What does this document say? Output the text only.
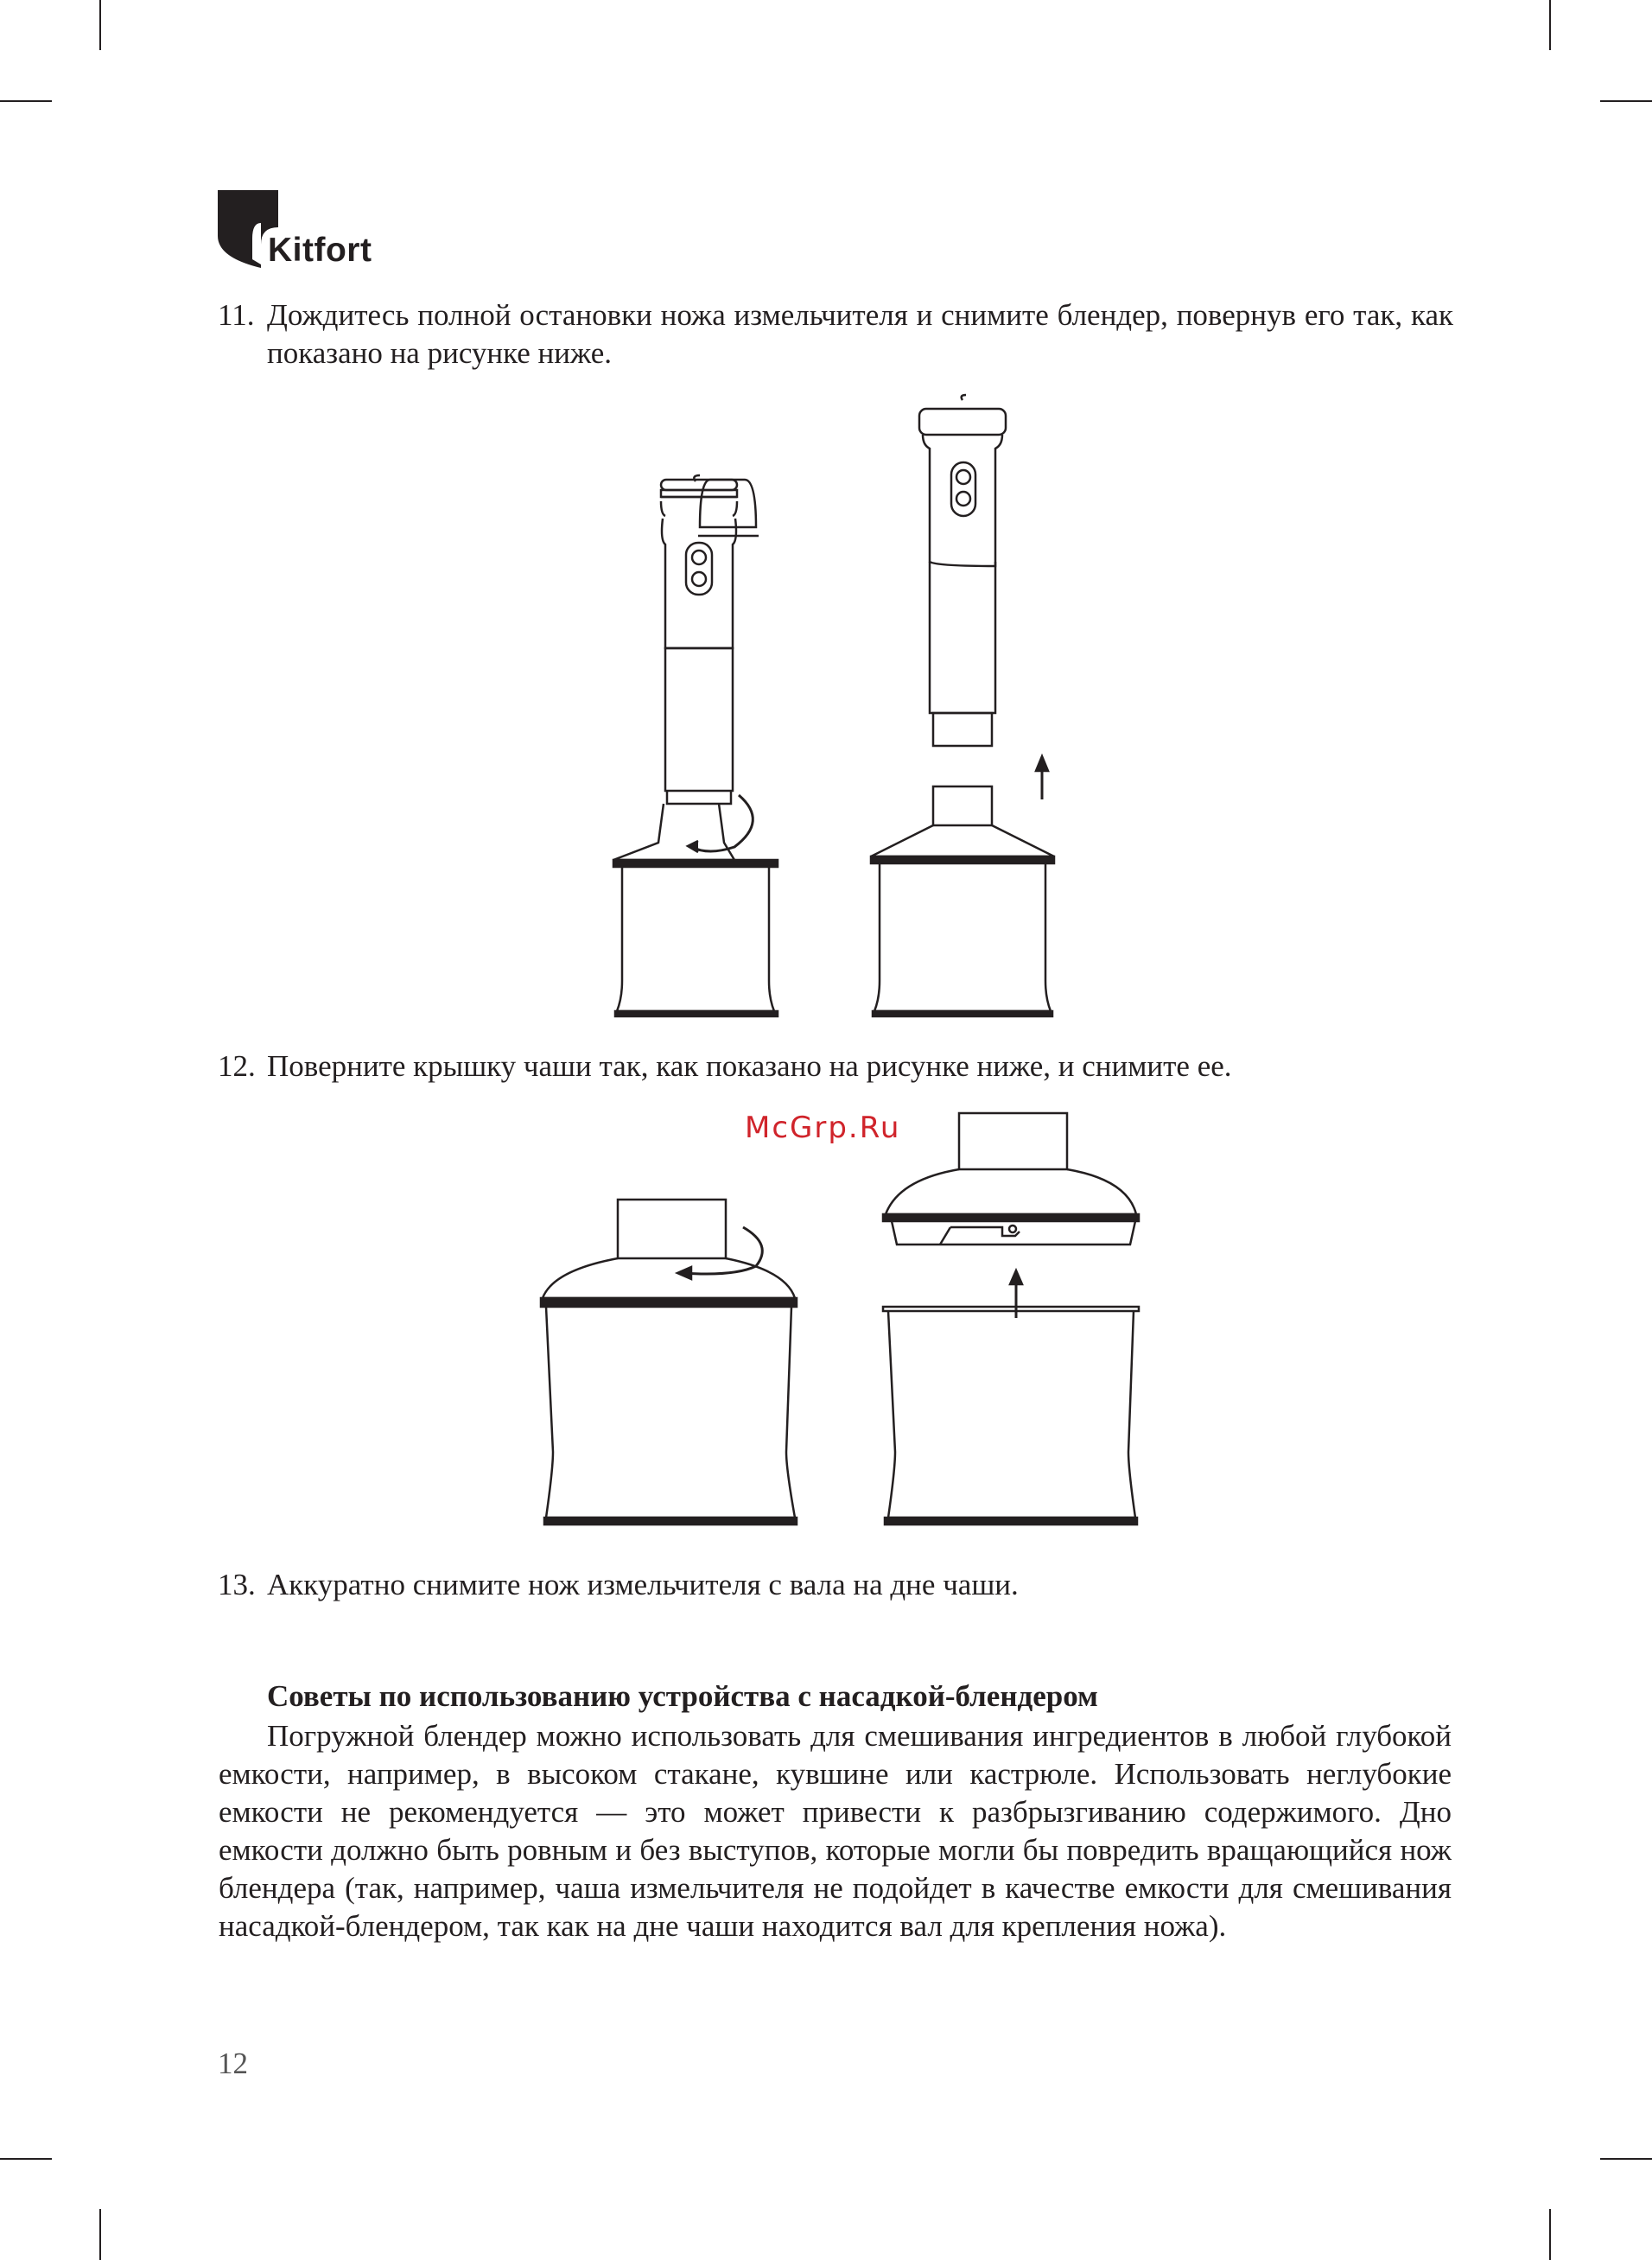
Kitfort
11. Дождитесь полной остановки ножа измельчителя и снимите блендер, повернув его так, как показано на рисунке ниже.
12. Поверните крышку чаши так, как показано на рисунке ниже, и снимите ее.
McGrp.Ru
13. Аккуратно снимите нож измельчителя с вала на дне чаши.
Советы по использованию устройства с насадкой-блендером

Погружной блендер можно использовать для смешивания ингредиентов в любой глубокой емкости, например, в высоком стакане, кувшине или кастрюле. Использовать неглубокие емкости не рекомендуется — это может привести к разбрызгиванию содержимого. Дно емкости должно быть ровным и без выступов, которые могли бы повредить вращающийся нож блендера (так, например, чаша измельчителя не подойдет в качестве емкости для смешивания насадкой-блендером, так как на дне чаши находится вал для крепления ножа).

12
